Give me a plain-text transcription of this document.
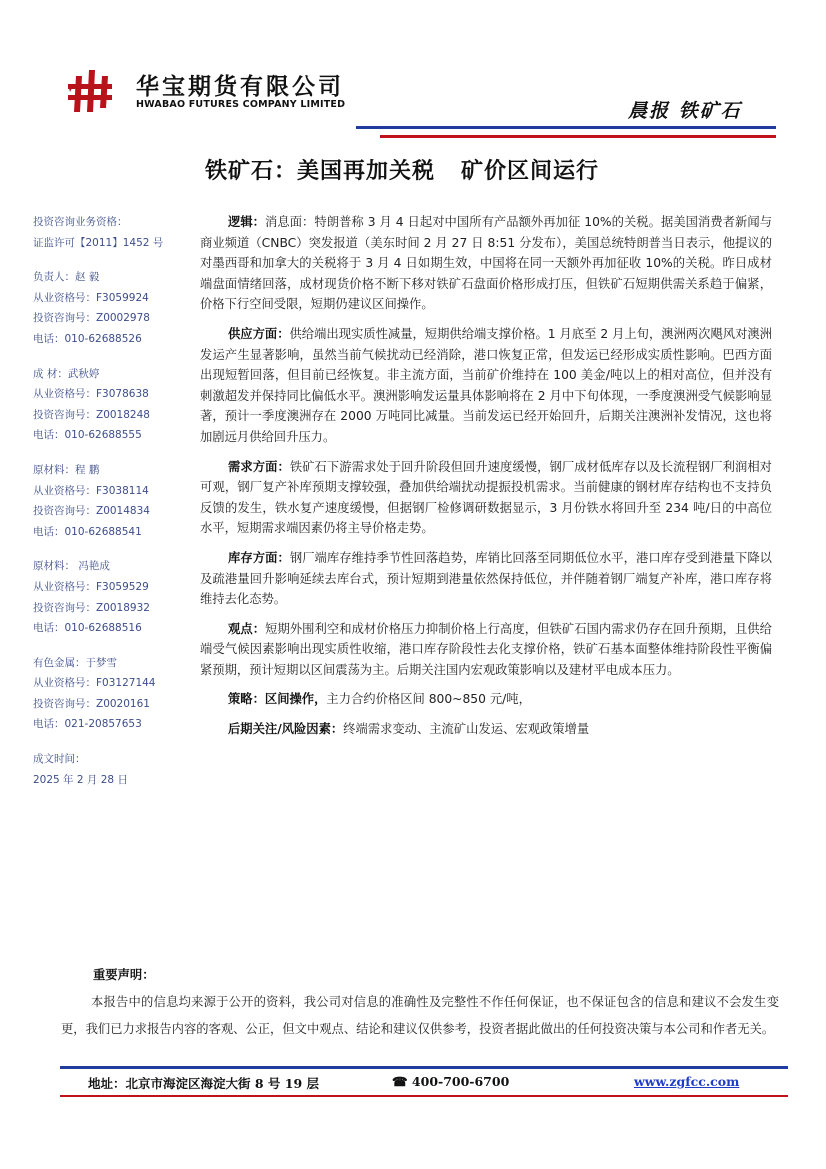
华宝期货有限公司
HWABAO FUTURES COMPANY LIMITED	晨报 铁矿石
铁矿石：美国再加关税   矿价区间运行
投资咨询业务资格：
证监许可【2011】1452 号
负责人：赵 毅
从业资格号：F3059924
投资咨询号：Z0002978
电话：010-62688526
成 材：武秋婷
从业资格号：F3078638
投资咨询号：Z0018248
电话：010-62688555
原材料：程 鹏
从业资格号：F3038114
投资咨询号：Z0014834
电话：010-62688541
原材料： 冯艳成
从业资格号：F3059529
投资咨询号：Z0018932
电话：010-62688516
有色金属：于梦雪
从业资格号：F03127144
投资咨询号：Z0020161
电话：021-20857653
成文时间：
2025 年 2 月 28 日

逻辑：消息面：特朗普称 3 月 4 日起对中国所有产品额外再加征 10%的关税。据美国消费者新闻与商业频道（CNBC）突发报道（美东时间 2 月 27 日 8:51 分发布），美国总统特朗普当日表示，他提议的对墨西哥和加拿大的关税将于 3 月 4 日如期生效，中国将在同一天额外再加征收 10%的关税。昨日成材端盘面情绪回落，成材现货价格不断下移对铁矿石盘面价格形成打压，但铁矿石短期供需关系趋于偏紧，价格下行空间受限，短期仍建议区间操作。

供应方面：供给端出现实质性减量，短期供给端支撑价格。1 月底至 2 月上旬，澳洲两次飓风对澳洲发运产生显著影响，虽然当前气候扰动已经消除，港口恢复正常，但发运已经形成实质性影响。巴西方面出现短暂回落，但目前已经恢复。非主流方面，当前矿价维持在 100 美金/吨以上的相对高位，但并没有刺激超发并保持同比偏低水平。澳洲影响发运量具体影响将在 2 月中下旬体现，一季度澳洲受气候影响显著，预计一季度澳洲存在 2000 万吨同比减量。当前发运已经开始回升，后期关注澳洲补发情况，这也将加剧远月供给回升压力。

需求方面：铁矿石下游需求处于回升阶段但回升速度缓慢，钢厂成材低库存以及长流程钢厂利润相对可观，钢厂复产补库预期支撑较强，叠加供给端扰动提振投机需求。当前健康的钢材库存结构也不支持负反馈的发生，铁水复产速度缓慢，但据钢厂检修调研数据显示，3 月份铁水将回升至 234 吨/日的中高位水平，短期需求端因素仍将主导价格走势。

库存方面：钢厂端库存维持季节性回落趋势，库销比回落至同期低位水平，港口库存受到港量下降以及疏港量回升影响延续去库台式，预计短期到港量依然保持低位，并伴随着钢厂端复产补库，港口库存将维持去化态势。

观点：短期外围利空和成材价格压力抑制价格上行高度，但铁矿石国内需求仍存在回升预期，且供给端受气候因素影响出现实质性收缩，港口库存阶段性去化支撑价格，铁矿石基本面整体维持阶段性平衡偏紧预期，预计短期以区间震荡为主。后期关注国内宏观政策影响以及建材平电成本压力。

策略：区间操作，主力合约价格区间 800~850 元/吨，

后期关注/风险因素：终端需求变动、主流矿山发运、宏观政策增量

重要声明：
本报告中的信息均来源于公开的资料，我公司对信息的准确性及完整性不作任何保证，也不保证包含的信息和建议不会发生变更，我们已力求报告内容的客观、公正，但文中观点、结论和建议仅供参考，投资者据此做出的任何投资决策与本公司和作者无关。
地址：北京市海淀区海淀大街 8 号 19 层	☎ 400-700-6700	www.zgfcc.com
